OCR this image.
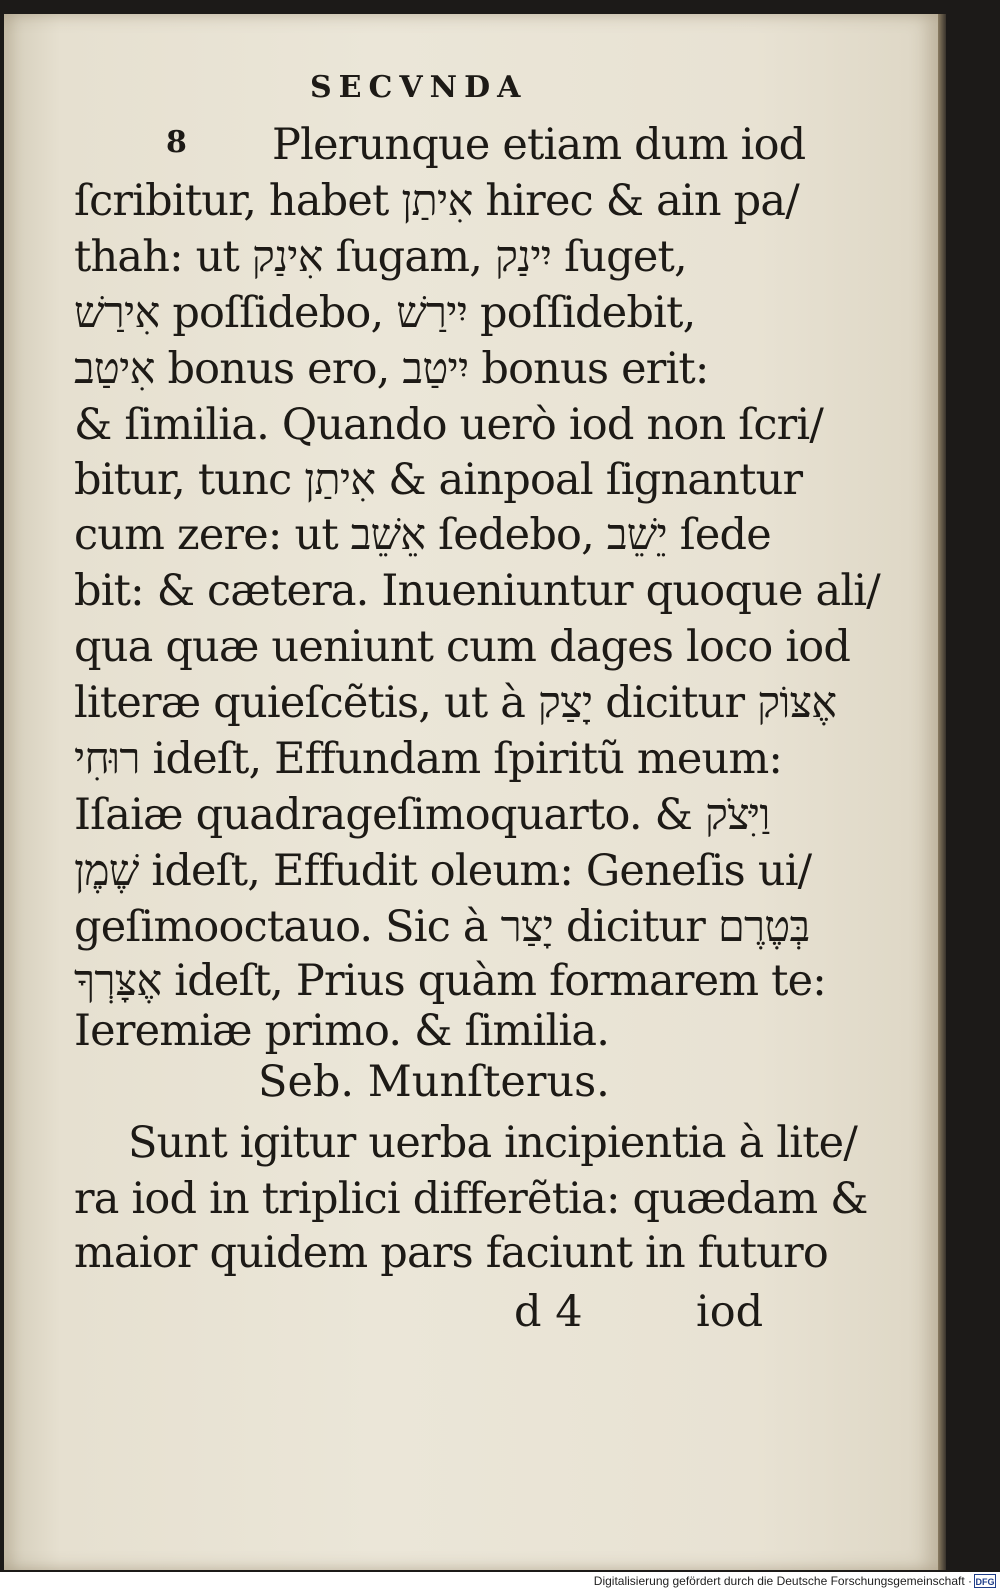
SECVNDA
8 Plerunque etiam dum iod
ſcribitur, habet אִיתַן hirec & ain pa/
thah: ut אִינַק ſugam, יִינַק ſuget,
אִירַשׁ poſſidebo, יִירַשׁ poſſidebit,
אִיטַב bonus ero, יִיטַב bonus erit:
& ſimilia. Quando uerò iod non ſcri/
bitur, tunc אִיתַן & ainpoal ſignantur
cum zere: ut אֵשֵׁב ſedebo, יֵשֵׁב ſede
bit: & cætera. Inueniuntur quoque ali/
qua quæ ueniunt cum dages loco iod
literæ quieſcẽtis, ut à יָצַק dicitur אֶצּוֹק
רוּחִי ideſt, Effundam ſpiritũ meum:
Iſaiæ quadrageſimoquarto. & וַיִּצֹק
שֶׁמֶן ideſt, Effudit oleum: Geneſis ui/
geſimooctauo. Sic à יָצַר dicitur בְּטֶרֶם
אֶצָּרְךָ ideſt, Prius quàm formarem te:
Ieremiæ primo. & ſimilia.
Seb. Munſterus.
Sunt igitur uerba incipientia à lite/
ra iod in triplici differẽtia: quædam &
maior quidem pars faciunt in futuro
d 4	iod
Digitalisierung gefördert durch die Deutsche Forschungsgemeinschaft · DFG
